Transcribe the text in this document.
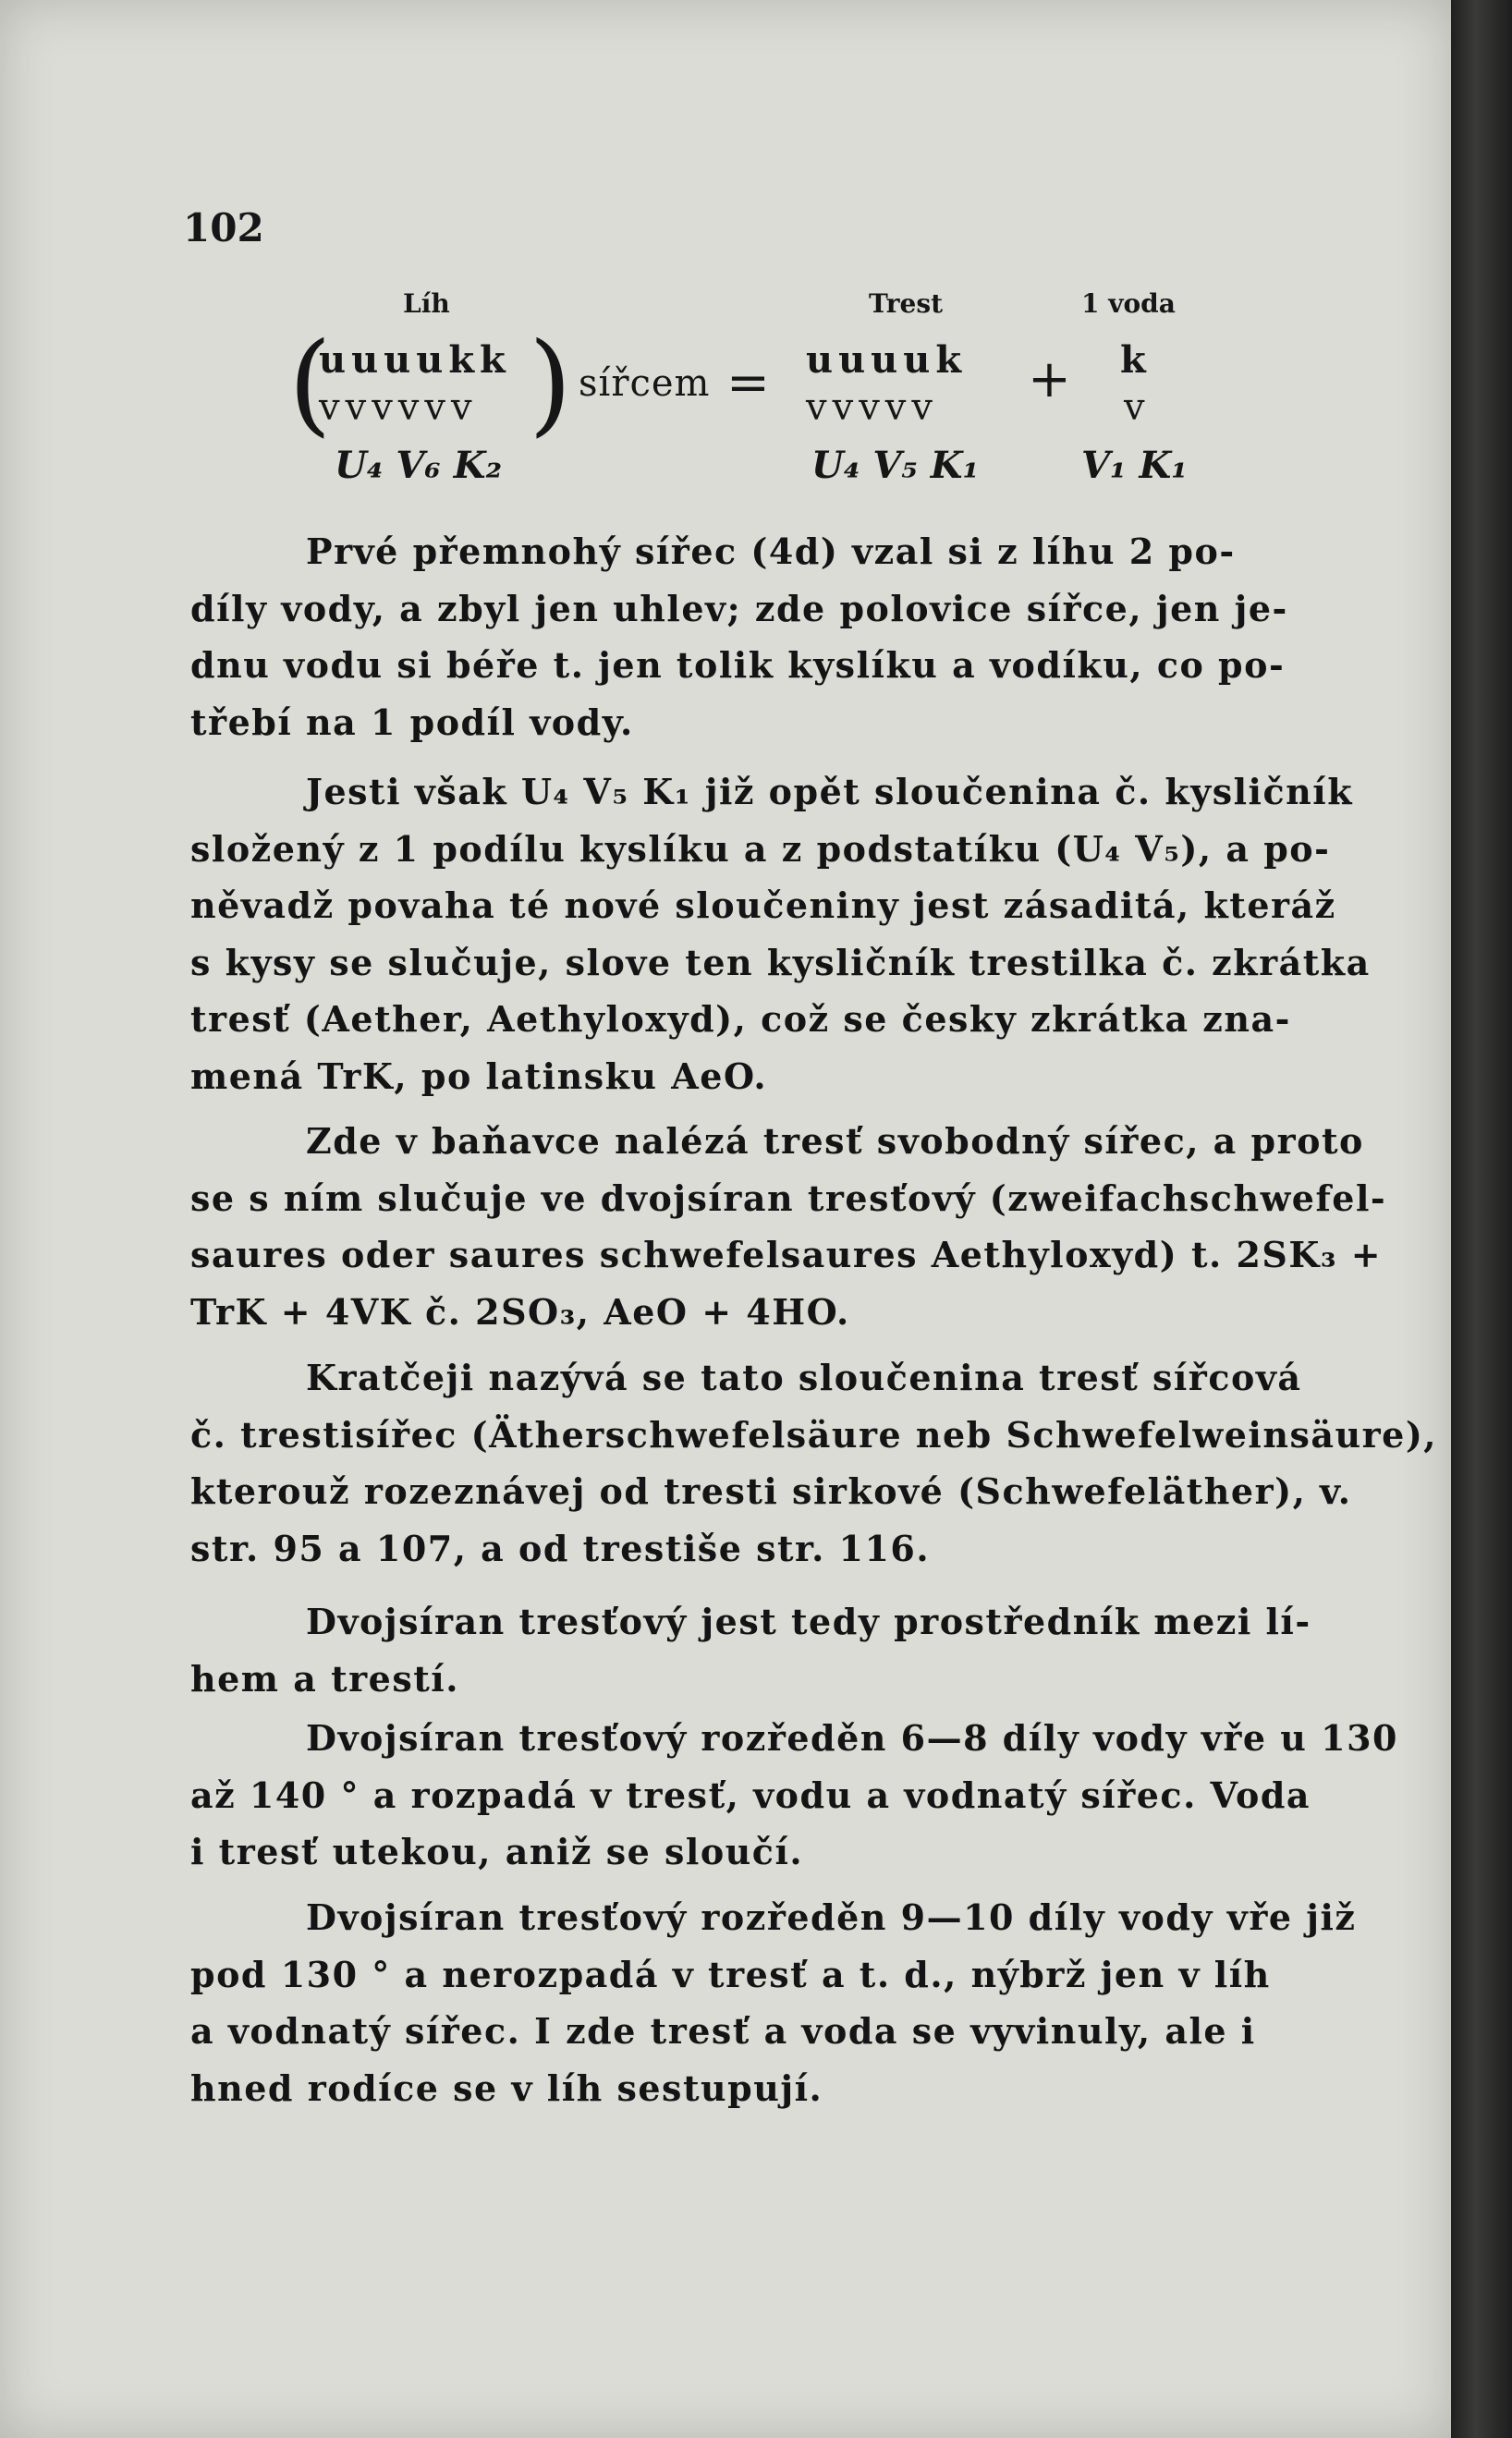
102
Líh	Trest	1 voda
(
uuuukk
vvvvvv ) sířcem = uuuuk
vvvvv + k
v
U₄ V₆ K₂	U₄ V₅ K₁	V₁ K₁
Prvé přemnohý sířec (4d) vzal si z líhu 2 po-
díly vody, a zbyl jen uhlev; zde polovice sířce, jen je-
dnu vodu si béře t. jen tolik kyslíku a vodíku, co po-
třebí na 1 podíl vody.
Jesti však U₄ V₅ K₁ již opět sloučenina č. kysličník
složený z 1 podílu kyslíku a z podstatíku (U₄ V₅), a po-
něvadž povaha té nové sloučeniny jest zásaditá, kteráž
s kysy se slučuje, slove ten kysličník trestilka č. zkrátka
tresť (Aether, Aethyloxyd), což se česky zkrátka zna-
mená TrK, po latinsku AeO.
Zde v baňavce nalézá tresť svobodný sířec, a proto
se s ním slučuje ve dvojsíran tresťový (zweifachschwefel-
saures oder saures schwefelsaures Aethyloxyd) t. 2SK₃ +
TrK + 4VK č. 2SO₃, AeO + 4HO.
Kratčeji nazývá se tato sloučenina tresť sířcová
č. trestisířec (Ätherschwefelsäure neb Schwefelweinsäure),
kterouž rozeznávej od tresti sirkové (Schwefeläther), v.
str. 95 a 107, a od trestiše str. 116.
Dvojsíran tresťový jest tedy prostředník mezi lí-
hem a trestí.
Dvojsíran tresťový rozředěn 6—8 díly vody vře u 130
až 140 ° a rozpadá v tresť, vodu a vodnatý sířec. Voda
i tresť utekou, aniž se sloučí.
Dvojsíran tresťový rozředěn 9—10 díly vody vře již
pod 130 ° a nerozpadá v tresť a t. d., nýbrž jen v líh
a vodnatý sířec. I zde tresť a voda se vyvinuly, ale i
hned rodíce se v líh sestupují.
